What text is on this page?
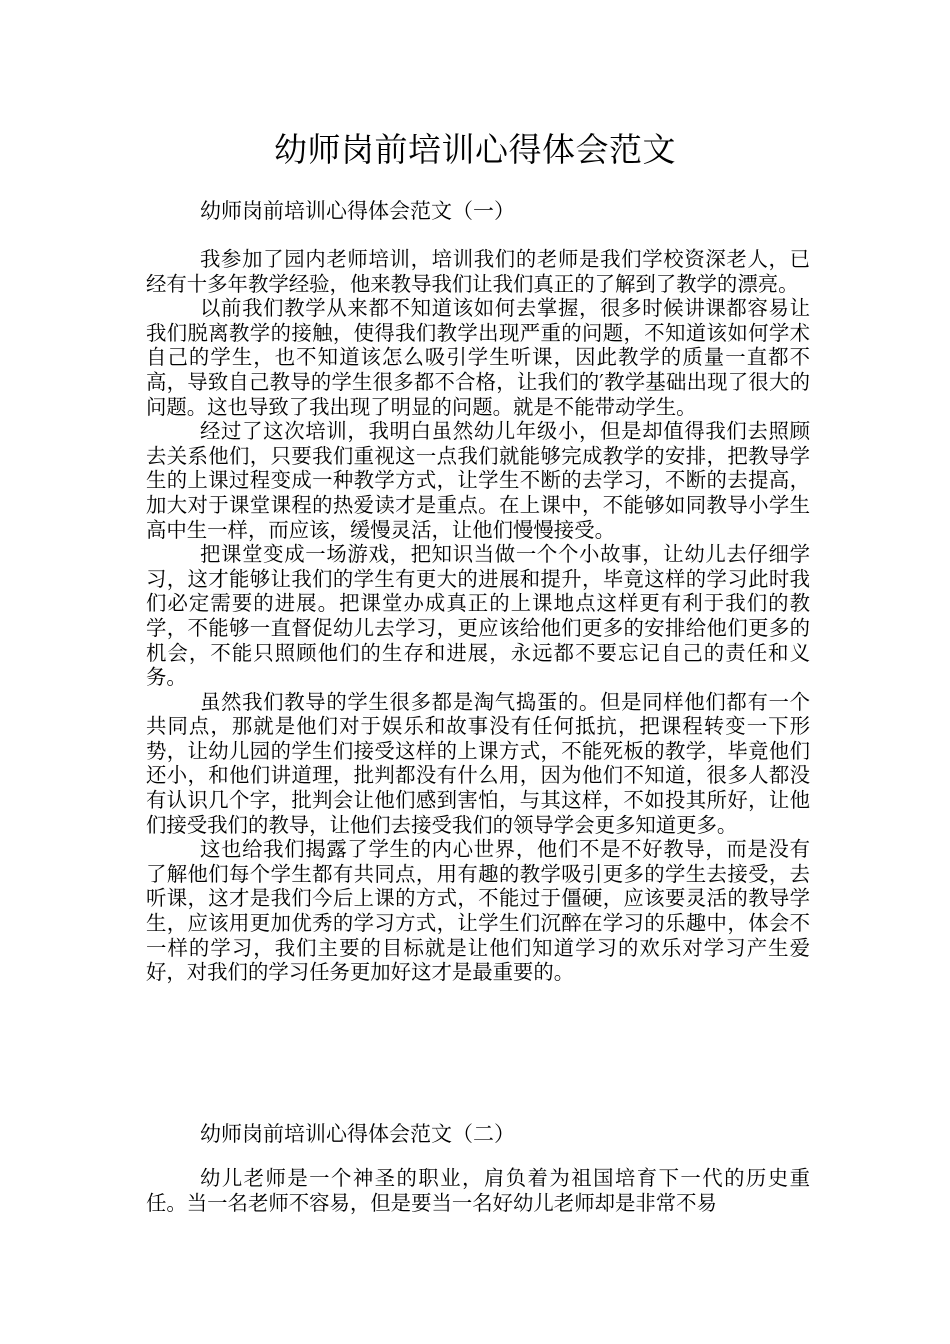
幼师岗前培训心得体会范文
幼师岗前培训心得体会范文（一）

我参加了园内老师培训，培训我们的老师是我们学校资深老人，已经有十多年教学经验，他来教导我们让我们真正的了解到了教学的漂亮。

以前我们教学从来都不知道该如何去掌握，很多时候讲课都容易让我们脱离教学的接触，使得我们教学出现严重的问题，不知道该如何学术自己的学生，也不知道该怎么吸引学生听课，因此教学的质量一直都不高，导致自己教导的学生很多都不合格，让我们的′教学基础出现了很大的问题。这也导致了我出现了明显的问题。就是不能带动学生。

经过了这次培训，我明白虽然幼儿年级小，但是却值得我们去照顾去关系他们，只要我们重视这一点我们就能够完成教学的安排，把教导学生的上课过程变成一种教学方式，让学生不断的去学习，不断的去提高，加大对于课堂课程的热爱读才是重点。在上课中，不能够如同教导小学生高中生一样，而应该，缓慢灵活，让他们慢慢接受。

把课堂变成一场游戏，把知识当做一个个小故事，让幼儿去仔细学习，这才能够让我们的学生有更大的进展和提升，毕竟这样的学习此时我们必定需要的进展。把课堂办成真正的上课地点这样更有利于我们的教学，不能够一直督促幼儿去学习，更应该给他们更多的安排给他们更多的机会，不能只照顾他们的生存和进展，永远都不要忘记自己的责任和义务。

虽然我们教导的学生很多都是淘气捣蛋的。但是同样他们都有一个共同点，那就是他们对于娱乐和故事没有任何抵抗，把课程转变一下形势，让幼儿园的学生们接受这样的上课方式，不能死板的教学，毕竟他们还小，和他们讲道理，批判都没有什么用，因为他们不知道，很多人都没有认识几个字，批判会让他们感到害怕，与其这样，不如投其所好，让他们接受我们的教导，让他们去接受我们的领导学会更多知道更多。

这也给我们揭露了学生的内心世界，他们不是不好教导，而是没有了解他们每个学生都有共同点，用有趣的教学吸引更多的学生去接受，去听课，这才是我们今后上课的方式，不能过于僵硬，应该要灵活的教导学生，应该用更加优秀的学习方式，让学生们沉醉在学习的乐趣中，体会不一样的学习，我们主要的目标就是让他们知道学习的欢乐对学习产生爱好，对我们的学习任务更加好这才是最重要的。

幼师岗前培训心得体会范文（二）

幼儿老师是一个神圣的职业，肩负着为祖国培育下一代的历史重任。当一名老师不容易，但是要当一名好幼儿老师却是非常不易
